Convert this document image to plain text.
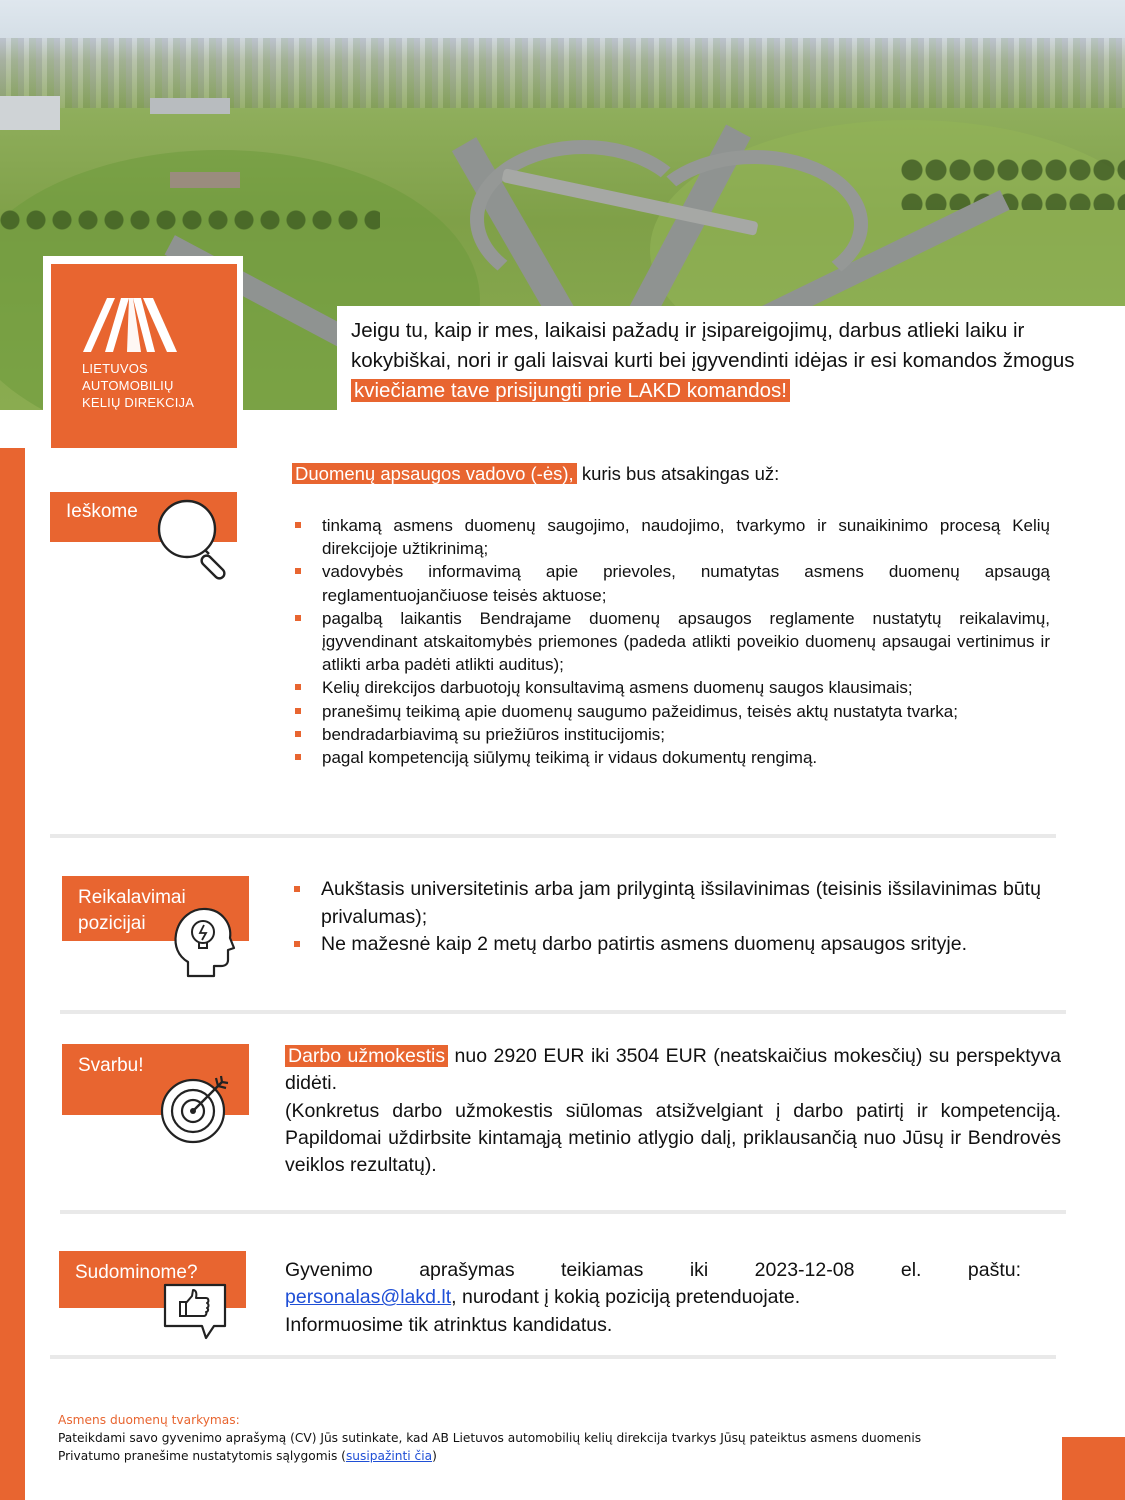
LIETUVOS
AUTOMOBILIŲ
KELIŲ DIREKCIJA

Jeigu tu, kaip ir mes, laikaisi pažadų ir įsipareigojimų, darbus atlieki laiku ir kokybiškai, nori ir gali laisvai kurti bei įgyvendinti idėjas ir esi komandos žmogus kviečiame tave prisijungti prie LAKD komandos!

Ieškome
Duomenų apsaugos vadovo (-ės), kuris bus atsakingas už:
tinkamą asmens duomenų saugojimo, naudojimo, tvarkymo ir sunaikinimo procesą Kelių direkcijoje užtikrinimą;
vadovybės informavimą apie prievoles, numatytas asmens duomenų apsaugą reglamentuojančiuose teisės aktuose;
pagalbą laikantis Bendrajame duomenų apsaugos reglamente nustatytų reikalavimų, įgyvendinant atskaitomybės priemones (padeda atlikti poveikio duomenų apsaugai vertinimus ir atlikti arba padėti atlikti auditus);
Kelių direkcijos darbuotojų konsultavimą asmens duomenų saugos klausimais;
pranešimų teikimą apie duomenų saugumo pažeidimus, teisės aktų nustatyta tvarka;
bendradarbiavimą su priežiūros institucijomis;
pagal kompetenciją siūlymų teikimą ir vidaus dokumentų rengimą.
Reikalavimai
pozicijai
Aukštasis universitetinis arba jam prilygintą išsilavinimas (teisinis išsilavinimas būtų privalumas);
Ne mažesnė kaip 2 metų darbo patirtis asmens duomenų apsaugos srityje.
Svarbu!	Darbo užmokestis nuo 2920 EUR iki 3504 EUR (neatskaičius mokesčių) su perspektyva didėti.
(Konkretus darbo užmokestis siūlomas atsižvelgiant į darbo patirtį ir kompetenciją. Papildomai uždirbsite kintamąją metinio atlygio dalį, priklausančią nuo Jūsų ir Bendrovės veiklos rezultatų).
Sudominome?	Gyvenimo aprašymas teikiamas iki 2023-12-08 el. paštu:
personalas@lakd.lt, nurodant į kokią poziciją pretenduojate.
Informuosime tik atrinktus kandidatus.
Asmens duomenų tvarkymas:
Pateikdami savo gyvenimo aprašymą (CV) Jūs sutinkate, kad AB Lietuvos automobilių kelių direkcija tvarkys Jūsų pateiktus asmens duomenis
Privatumo pranešime nustatytomis sąlygomis (susipažinti čia)
